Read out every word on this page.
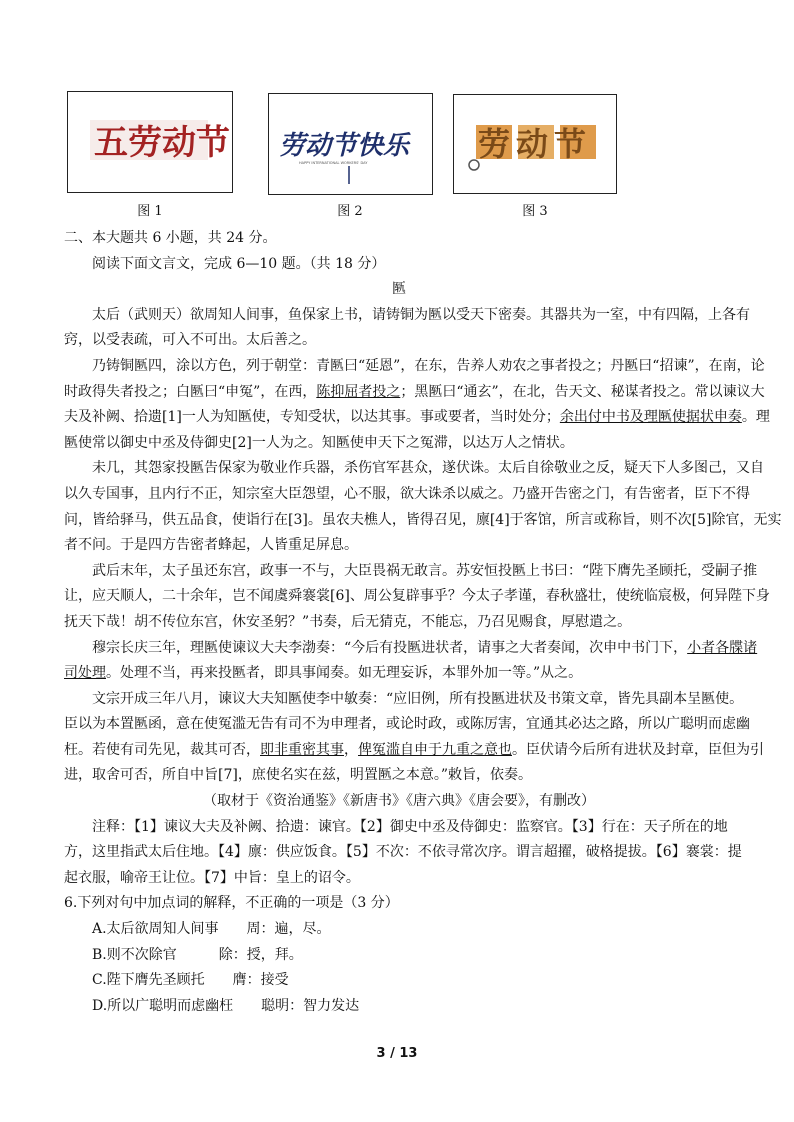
五劳动节
图 1
劳动节快乐
HAPPY INTERNATIONAL WORKERS' DAY
图 2
劳动节
图 3
二、本大题共 6 小题，共 24 分。
阅读下面文言文，完成 6—10 题。（共 18 分）
匦
太后（武则天）欲周知人间事，鱼保家上书，请铸铜为匦以受天下密奏。其器共为一室，中有四隔，上各有
窍，以受表疏，可入不可出。太后善之。
乃铸铜匦四，涂以方色，列于朝堂：青匦曰“延恩”，在东，告养人劝农之事者投之；丹匦曰“招谏”，在南，论
时政得失者投之；白匦曰“申冤”，在西，陈抑屈者投之；黑匦曰“通玄”，在北，告天文、秘谋者投之。常以谏议大
夫及补阙、拾遗[1]一人为知匦使，专知受状，以达其事。事或要者，当时处分；余出付中书及理匦使据状申奏。理
匦使常以御史中丞及侍御史[2]一人为之。知匦使申天下之冤滞，以达万人之情状。
未几，其怨家投匦告保家为敬业作兵器，杀伤官军甚众，遂伏诛。太后自徐敬业之反，疑天下人多图己，又自
以久专国事，且内行不正，知宗室大臣怨望，心不服，欲大诛杀以威之。乃盛开告密之门，有告密者，臣下不得
问，皆给驿马，供五品食，使诣行在[3]。虽农夫樵人，皆得召见，廪[4]于客馆，所言或称旨，则不次[5]除官，无实
者不问。于是四方告密者蜂起，人皆重足屏息。
武后末年，太子虽还东宫，政事一不与，大臣畏祸无敢言。苏安恒投匦上书曰：“陛下膺先圣顾托，受嗣子推
让，应天顺人，二十余年，岂不闻虞舜褰裳[6]、周公复辟事乎？今太子孝谨，春秋盛壮，使统临宸极，何异陛下身
抚天下哉！胡不传位东宫，休安圣躬？”书奏，后无猜克，不能忘，乃召见赐食，厚慰遣之。
穆宗长庆三年，理匦使谏议大夫李渤奏：“今后有投匦进状者，请事之大者奏闻，次申中书门下，小者各牒诸
司处理。处理不当，再来投匦者，即具事闻奏。如无理妄诉，本罪外加一等。”从之。
文宗开成三年八月，谏议大夫知匦使李中敏奏：“应旧例，所有投匦进状及书策文章，皆先具副本呈匦使。
臣以为本置匦函，意在使冤滥无告有司不为申理者，或论时政，或陈厉害，宜通其必达之路，所以广聪明而虑幽
枉。若使有司先见，裁其可否，即非重密其事，俾冤滥自申于九重之意也。臣伏请今后所有进状及封章，臣但为引
进，取舍可否，所自中旨[7]，庶使名实在兹，明置匦之本意。”敕旨，依奏。
（取材于《资治通鉴》《新唐书》《唐六典》《唐会要》，有删改）
注释：【1】谏议大夫及补阙、拾遗：谏官。【2】御史中丞及侍御史：监察官。【3】行在：天子所在的地
方，这里指武太后住地。【4】廪：供应饭食。【5】不次：不依寻常次序。谓言超擢，破格提拔。【6】褰裳：提
起衣服，喻帝王让位。【7】中旨：皇上的诏令。
6.下列对句中加点词的解释，不正确的一项是（3 分）
A.太后欲周知人间事　　周：遍，尽。
B.则不次除官　　　除：授，拜。
C.陛下膺先圣顾托　　膺：接受
D.所以广聪明而虑幽枉　　聪明：智力发达
3 / 13
